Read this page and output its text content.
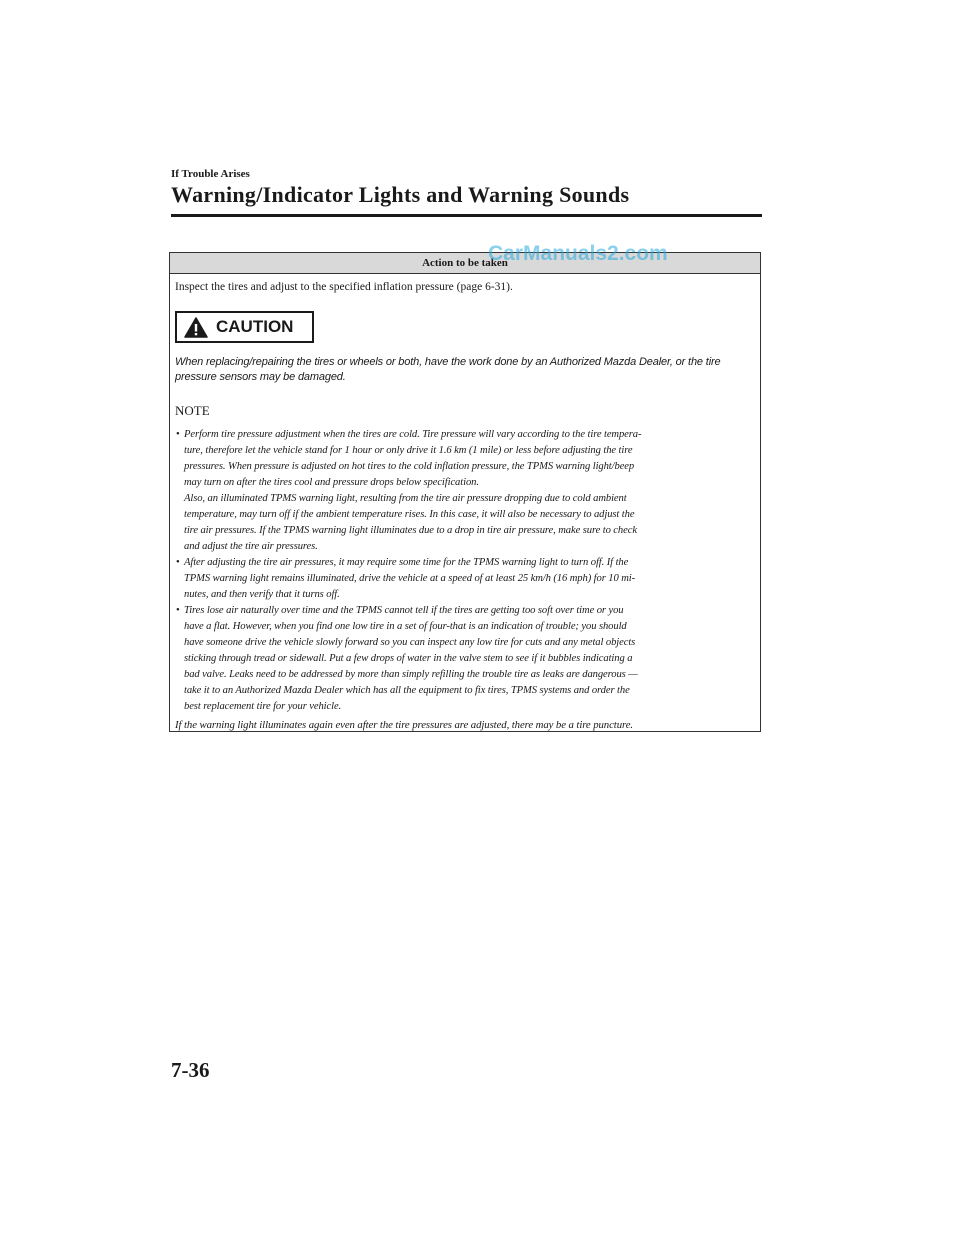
If Trouble Arises
Warning/Indicator Lights and Warning Sounds
Action to be taken
CarManuals2.com

Inspect the tires and adjust to the specified inflation pressure (page 6-31).

CAUTION

When replacing/repairing the tires or wheels or both, have the work done by an Authorized Mazda Dealer, or the tire pressure sensors may be damaged.

NOTE

• Perform tire pressure adjustment when the tires are cold. Tire pressure will vary according to the tire tempera-
ture, therefore let the vehicle stand for 1 hour or only drive it 1.6 km (1 mile) or less before adjusting the tire
pressures. When pressure is adjusted on hot tires to the cold inflation pressure, the TPMS warning light/beep
may turn on after the tires cool and pressure drops below specification.
Also, an illuminated TPMS warning light, resulting from the tire air pressure dropping due to cold ambient
temperature, may turn off if the ambient temperature rises. In this case, it will also be necessary to adjust the
tire air pressures. If the TPMS warning light illuminates due to a drop in tire air pressure, make sure to check
and adjust the tire air pressures.
• After adjusting the tire air pressures, it may require some time for the TPMS warning light to turn off. If the
TPMS warning light remains illuminated, drive the vehicle at a speed of at least 25 km/h (16 mph) for 10 mi-
nutes, and then verify that it turns off.
• Tires lose air naturally over time and the TPMS cannot tell if the tires are getting too soft over time or you
have a flat. However, when you find one low tire in a set of four-that is an indication of trouble; you should
have someone drive the vehicle slowly forward so you can inspect any low tire for cuts and any metal objects
sticking through tread or sidewall. Put a few drops of water in the valve stem to see if it bubbles indicating a
bad valve. Leaks need to be addressed by more than simply refilling the trouble tire as leaks are dangerous —
take it to an Authorized Mazda Dealer which has all the equipment to fix tires, TPMS systems and order the
best replacement tire for your vehicle.

If the warning light illuminates again even after the tire pressures are adjusted, there may be a tire puncture.

7-36
